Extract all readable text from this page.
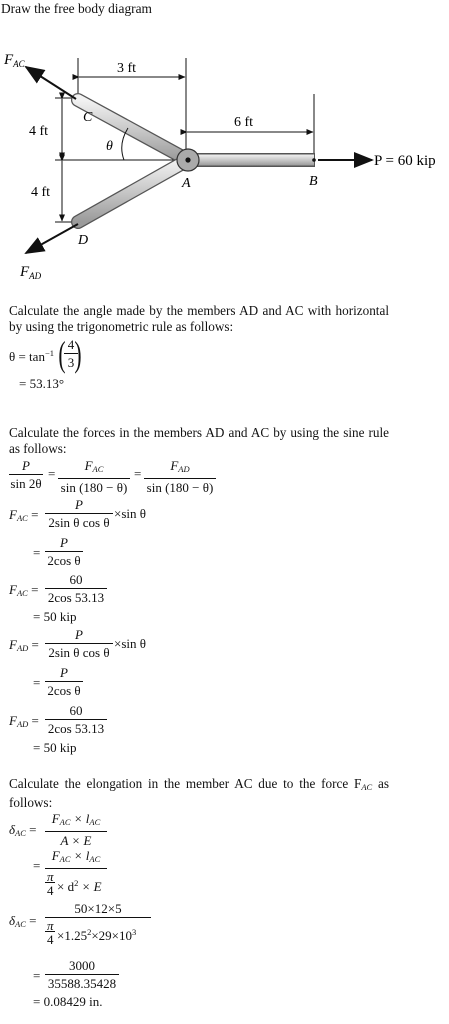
Draw the free body diagram
3 ft
6 ft
4 ft
4 ft
θ
C
A	B
D
$F_{AC}$
$F_{AD}$
P = 60 kip
Calculate the angle made by the members AD and AC with horizontal by using the trigonometric rule as follows:
$\theta = \tan^{-1}$ ( 4
3 )
= 53.13°
Calculate the forces in the members AD and AC by using the sine rule as follows:
P
sin 2θ
=
$F_{AC}$
sin (180 − θ)
=
$F_{AD}$
sin (180 − θ)
$F_{AC}$ =
P
2sin θ cos θ
×sin θ
=
P
2cos θ
$F_{AC}$ =
60
2cos 53.13
= 50 kip
$F_{AD}$ =
P
2sin θ cos θ
×sin θ
=
P
2cos θ
$F_{AD}$ =
60
2cos 53.13
= 50 kip
Calculate the elongation in the member AC due to the force $F_{AC}$ as follows:
$\delta_{AC}$ =
$F_{AC} \times l_{AC}$
A × E
=
$F_{AC} \times l_{AC}$
π
$4 \times d^2 \times E$
$\delta_{AC}$ =
50×12×5
π
$4 \times 1.25^2\times 29\times 10^3$
=
3000
35588.35428
= 0.08429 in.
